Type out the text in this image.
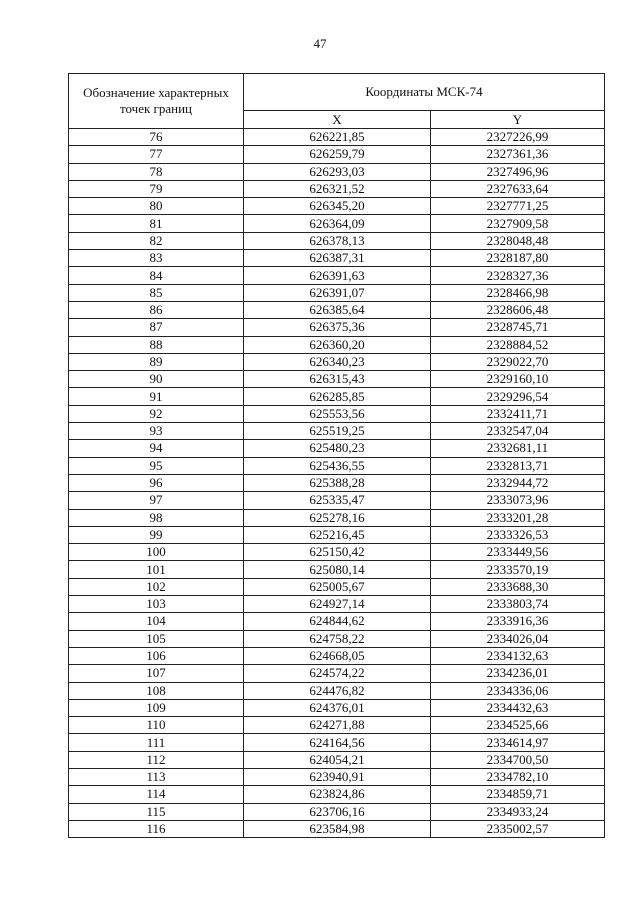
47
Обозначение характерных точек границ	Координаты МСК-74	
	X	Y
76	626221,85	2327226,99
77	626259,79	2327361,36
78	626293,03	2327496,96
79	626321,52	2327633,64
80	626345,20	2327771,25
81	626364,09	2327909,58
82	626378,13	2328048,48
83	626387,31	2328187,80
84	626391,63	2328327,36
85	626391,07	2328466,98
86	626385,64	2328606,48
87	626375,36	2328745,71
88	626360,20	2328884,52
89	626340,23	2329022,70
90	626315,43	2329160,10
91	626285,85	2329296,54
92	625553,56	2332411,71
93	625519,25	2332547,04
94	625480,23	2332681,11
95	625436,55	2332813,71
96	625388,28	2332944,72
97	625335,47	2333073,96
98	625278,16	2333201,28
99	625216,45	2333326,53
100	625150,42	2333449,56
101	625080,14	2333570,19
102	625005,67	2333688,30
103	624927,14	2333803,74
104	624844,62	2333916,36
105	624758,22	2334026,04
106	624668,05	2334132,63
107	624574,22	2334236,01
108	624476,82	2334336,06
109	624376,01	2334432,63
110	624271,88	2334525,66
111	624164,56	2334614,97
112	624054,21	2334700,50
113	623940,91	2334782,10
114	623824,86	2334859,71
115	623706,16	2334933,24
116	623584,98	2335002,57
